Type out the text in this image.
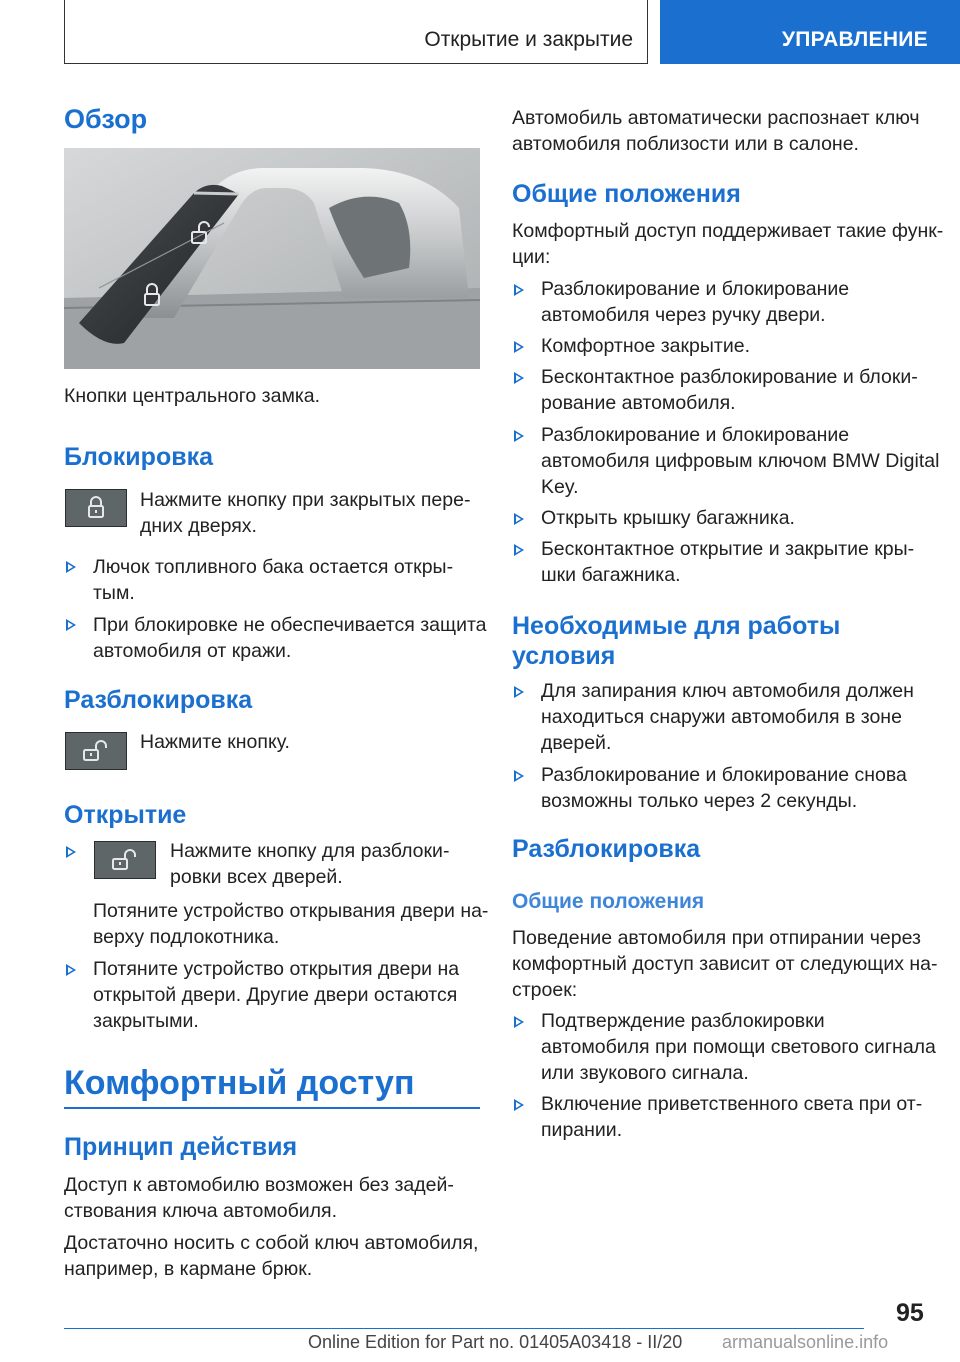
Открытие и закрытие	УПРАВЛЕНИЕ
Обзор
Кнопки центрального замка.
Блокировка
Нажмите кнопку при закрытых пере-
дних дверях.
Лючок топливного бака остается откры-
тым.
При блокировке не обеспечивается защита
автомобиля от кражи.
Разблокировка
Нажмите кнопку.
Открытие
Нажмите кнопку для разблоки-
ровки всех дверей.
Потяните устройство открывания двери на-
верху подлокотника.
Потяните устройство открытия двери на
открытой двери. Другие двери остаются
закрытыми.
Комфортный доступ
Принцип действия
Доступ к автомобилю возможен без задей-
ствования ключа автомобиля.
Достаточно носить с собой ключ автомобиля,
например, в кармане брюк.
Автомобиль автоматически распознает ключ
автомобиля поблизости или в салоне.
Общие положения
Комфортный доступ поддерживает такие функ-
ции:
Разблокирование и блокирование
автомобиля через ручку двери.
Комфортное закрытие.
Бесконтактное разблокирование и блоки-
рование автомобиля.
Разблокирование и блокирование
автомобиля цифровым ключом BMW Digital
Key.
Открыть крышку багажника.
Бесконтактное открытие и закрытие кры-
шки багажника.
Необходимые для работы
условия
Для запирания ключ автомобиля должен
находиться снаружи автомобиля в зоне
дверей.
Разблокирование и блокирование снова
возможны только через 2 секунды.
Разблокировка
Общие положения
Поведение автомобиля при отпирании через
комфортный доступ зависит от следующих на-
строек:
Подтверждение разблокировки
автомобиля при помощи светового сигнала
или звукового сигнала.
Включение приветственного света при от-
пирании.
95
Online Edition for Part no. 01405A03418 - II/20 armanualsonline.info
